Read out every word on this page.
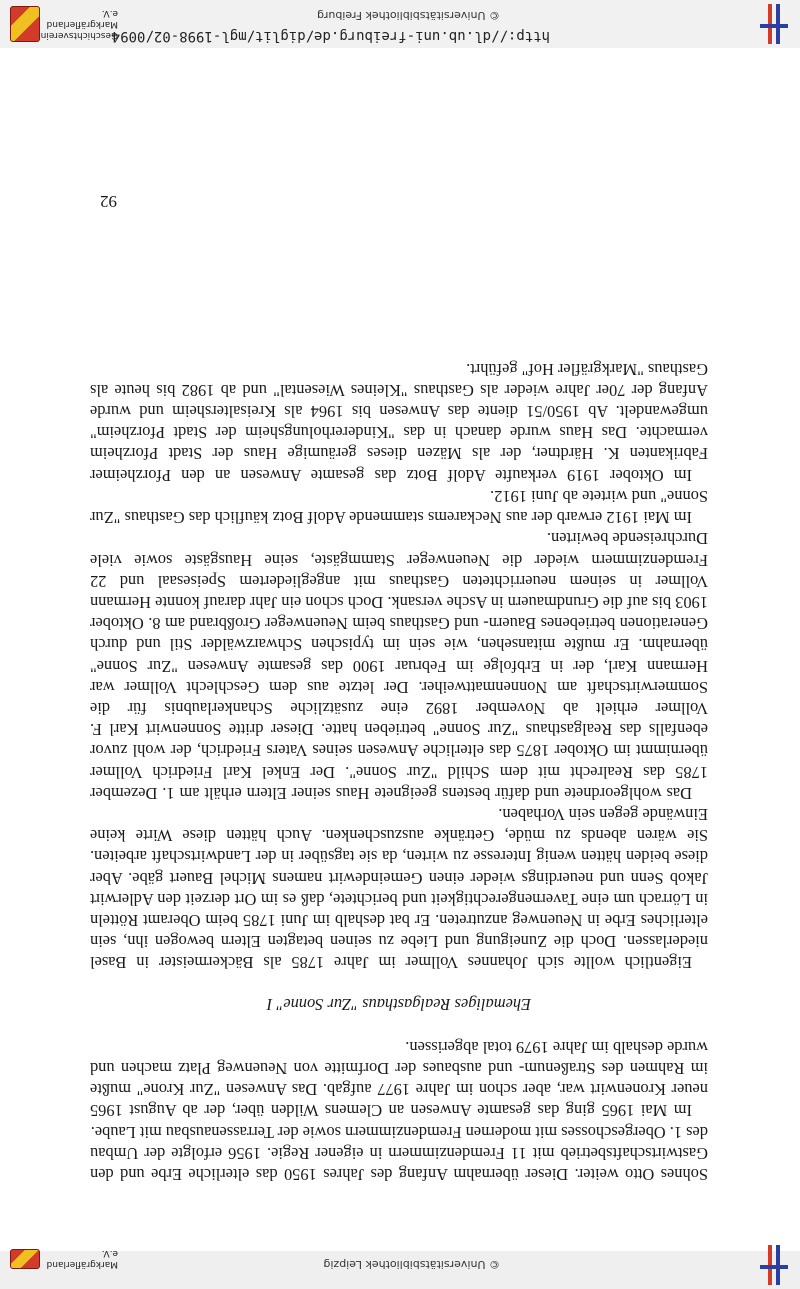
© Universitätsbibliothek Leipzig
Markgräflerland e.V.

Sohnes Otto weiter. Dieser übernahm Anfang des Jahres 1950 das elterliche Erbe und den Gastwirtschaftsbetrieb mit 11 Fremdenzimmern in eigener Regie. 1956 erfolgte der Umbau des 1. Obergeschosses mit modernen Fremdenzimmern sowie der Terrassenausbau mit Laube.

Im Mai 1965 ging das gesamte Anwesen an Clemens Wilden über, der ab August 1965 neuer Kronenwirt war, aber schon im Jahre 1977 aufgab. Das Anwesen "Zur Krone" mußte im Rahmen des Straßenum- und ausbaues der Dorfmitte von Neuenweg Platz machen und wurde deshalb im Jahre 1979 total abgerissen.

Ehemaliges Realgasthaus "Zur Sonne" I

Eigentlich wollte sich Johannes Vollmer im Jahre 1785 als Bäckermeister in Basel niederlassen. Doch die Zuneigung und Liebe zu seinen betagten Eltern bewogen ihn, sein elterliches Erbe in Neuenweg anzutreten. Er bat deshalb im Juni 1785 beim Oberamt Rötteln in Lörrach um eine Tavernengerechtigkeit und berichtete, daß es im Ort derzeit den Adlerwirt Jakob Senn und neuerdings wieder einen Gemeindewirt namens Michel Bauert gäbe. Aber diese beiden hätten wenig Interesse zu wirten, da sie tagsüber in der Landwirtschaft arbeiten. Sie wären abends zu müde, Getränke auszuschenken. Auch hätten diese Wirte keine Einwände gegen sein Vorhaben.

Das wohlgeordnete und dafür bestens geeignete Haus seiner Eltern erhält am 1. Dezember 1785 das Realrecht mit dem Schild "Zur Sonne". Der Enkel Karl Friedrich Vollmer übernimmt im Oktober 1875 das elterliche Anwesen seines Vaters Friedrich, der wohl zuvor ebenfalls das Realgasthaus "Zur Sonne" betrieben hatte. Dieser dritte Sonnenwirt Karl F. Vollmer erhielt ab November 1892 eine zusätzliche Schankerlaubnis für die Sommerwirtschaft am Nonnenmattweiher. Der letzte aus dem Geschlecht Vollmer war Hermann Karl, der in Erbfolge im Februar 1900 das gesamte Anwesen "Zur Sonne" übernahm. Er mußte mitansehen, wie sein im typischen Schwarzwälder Stil und durch Generationen betriebenes Bauern- und Gasthaus beim Neuenweger Großbrand am 8. Oktober 1903 bis auf die Grundmauern in Asche versank. Doch schon ein Jahr darauf konnte Hermann Vollmer in seinem neuerrichteten Gasthaus mit angegliedertem Speisesaal und 22 Fremdenzimmern wieder die Neuenweger Stammgäste, seine Hausgäste sowie viele Durchreisende bewirten.

Im Mai 1912 erwarb der aus Neckarems stammende Adolf Botz käuflich das Gasthaus "Zur Sonne" und wirtete ab Juni 1912.

Im Oktober 1919 verkaufte Adolf Botz das gesamte Anwesen an den Pforzheimer Fabrikanten K. Härdtner, der als Mäzen dieses geräumige Haus der Stadt Pforzheim vermachte. Das Haus wurde danach in das "Kindererholungsheim der Stadt Pforzheim" umgewandelt. Ab 1950/51 diente das Anwesen bis 1964 als Kreisaltersheim und wurde Anfang der 70er Jahre wieder als Gasthaus "Kleines Wiesental" und ab 1982 bis heute als Gasthaus "Markgräfler Hof" geführt.

92
http://dl.ub.uni-freiburg.de/diglit/mgl-1998-02/0094
© Universitätsbibliothek Freiburg
Geschichtsverein
Markgräflerland e.V.
